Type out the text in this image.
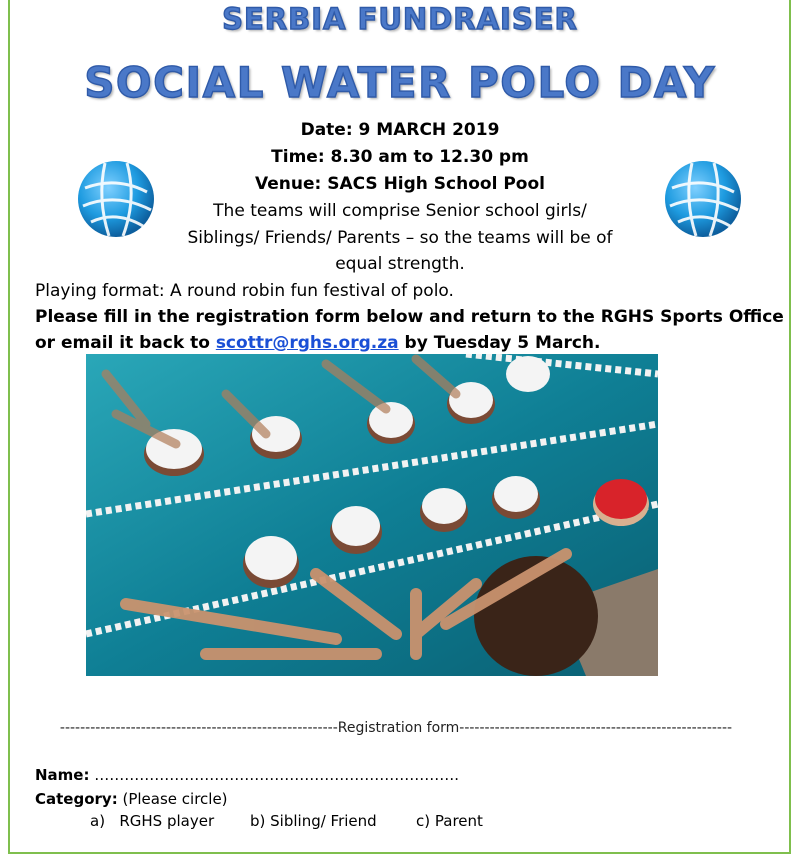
SERBIA FUNDRAISER
SOCIAL WATER POLO DAY
Date: 9 MARCH 2019
Time: 8.30 am to 12.30 pm
Venue: SACS High School Pool
The teams will comprise Senior school girls/
Siblings/ Friends/ Parents – so the teams will be of
equal strength.
Playing format: A round robin fun festival of polo.
Please fill in the registration form below and return to the RGHS Sports Office
or email it back to scottr@rghs.org.za by Tuesday 5 March.
-------------------------------------------------------Registration form------------------------------------------------------
Name: ……………………………………………………………….
Category: (Please circle)
a) RGHS player b) Sibling/ Friend	c) Parent
